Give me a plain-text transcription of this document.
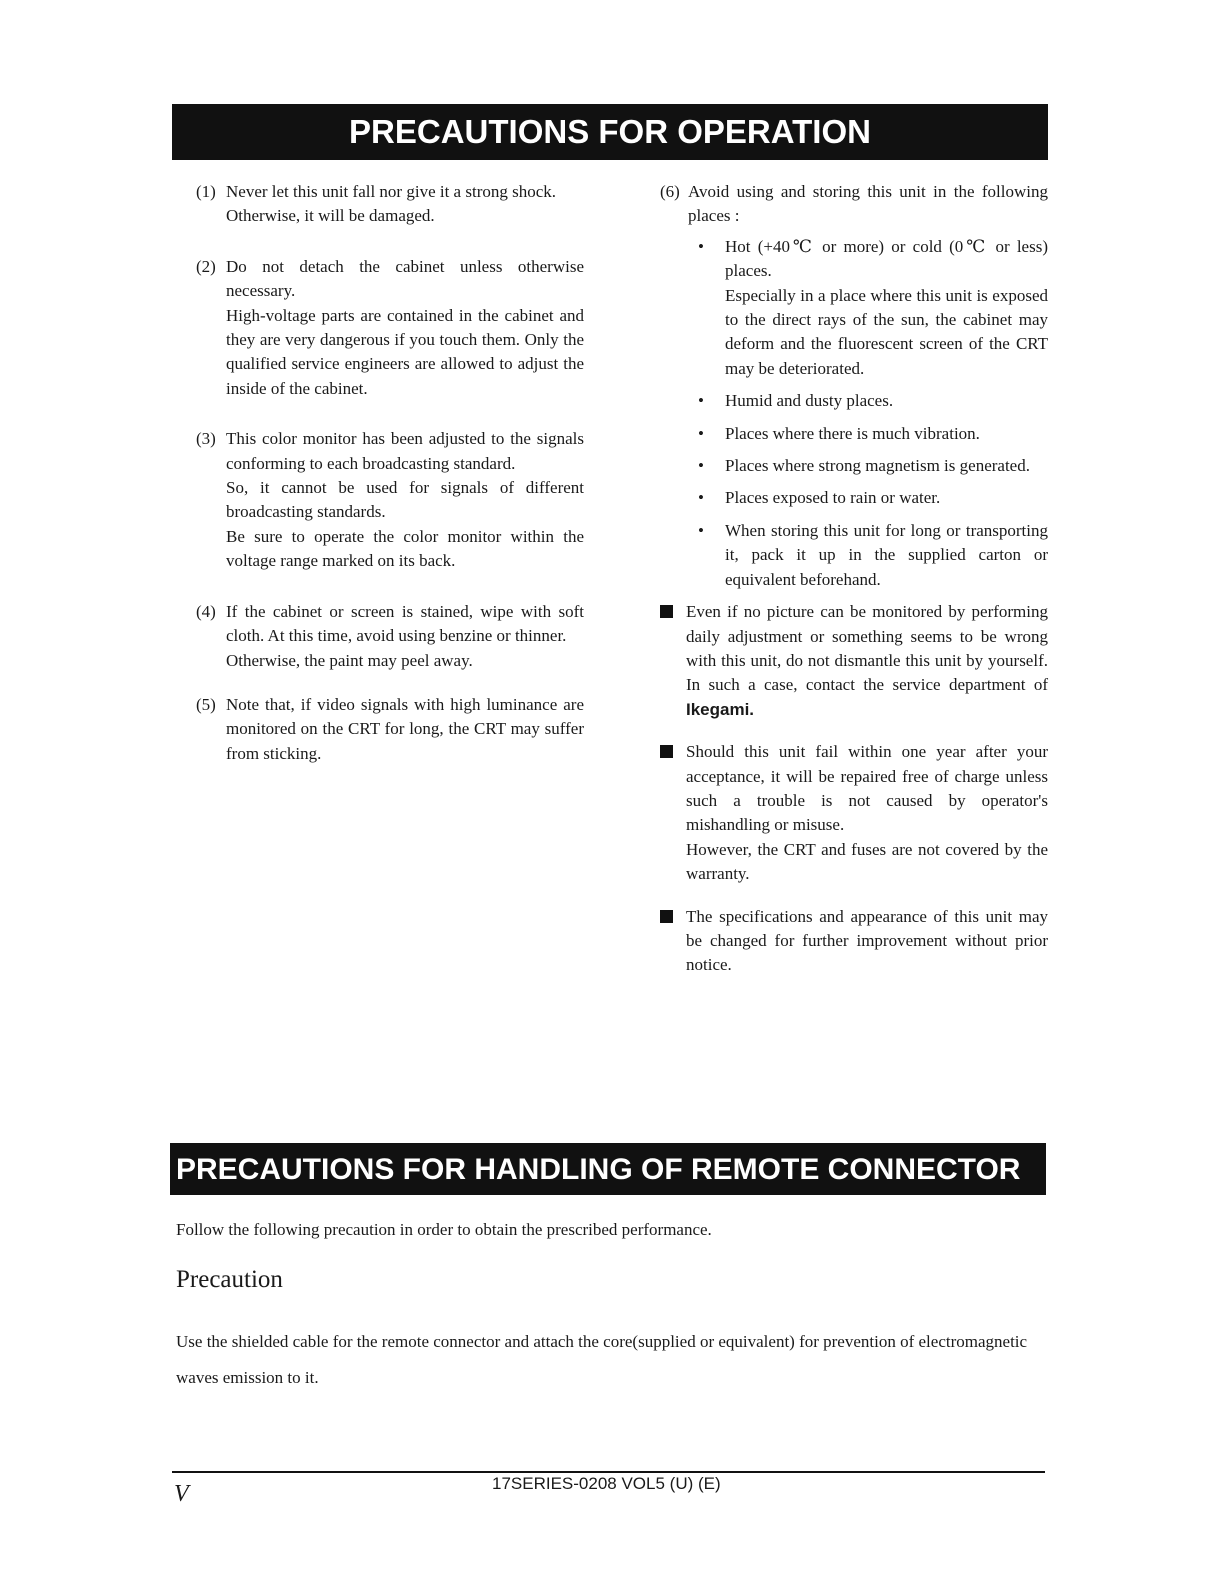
PRECAUTIONS FOR OPERATION
(1) Never let this unit fall nor give it a strong shock.

Otherwise, it will be damaged.

(2) Do not detach the cabinet unless otherwise necessary.

High-voltage parts are contained in the cabinet and they are very dangerous if you touch them. Only the qualified service engineers are allowed to adjust the inside of the cabinet.

(3) This color monitor has been adjusted to the signals conforming to each broadcasting standard.

So, it cannot be used for signals of different broadcasting standards.

Be sure to operate the color monitor within the voltage range marked on its back.

(4) If the cabinet or screen is stained, wipe with soft cloth. At this time, avoid using benzine or thinner.

Otherwise, the paint may peel away.

(5) Note that, if video signals with high luminance are monitored on the CRT for long, the CRT may suffer from sticking.

(6) Avoid using and storing this unit in the following places :

• Hot (+40℃ or more) or cold (0℃ or less) places.

Especially in a place where this unit is exposed to the direct rays of the sun, the cabinet may deform and the fluorescent screen of the CRT may be deteriorated.

• Humid and dusty places.

• Places where there is much vibration.

• Places where strong magnetism is generated.

• Places exposed to rain or water.

• When storing this unit for long or transporting it, pack it up in the supplied carton or equivalent beforehand.

Even if no picture can be monitored by performing daily adjustment or something seems to be wrong with this unit, do not dismantle this unit by yourself. In such a case, contact the service department of Ikegami.

Should this unit fail within one year after your acceptance, it will be repaired free of charge unless such a trouble is not caused by operator's mishandling or misuse.

However, the CRT and fuses are not covered by the warranty.

The specifications and appearance of this unit may be changed for further improvement without prior notice.

PRECAUTIONS FOR HANDLING OF REMOTE CONNECTOR
Follow the following precaution in order to obtain the prescribed performance.
Precaution
Use the shielded cable for the remote connector and attach the core(supplied or equivalent) for prevention of electromagnetic waves emission to it.
V	17SERIES-0208 VOL5 (U) (E)
